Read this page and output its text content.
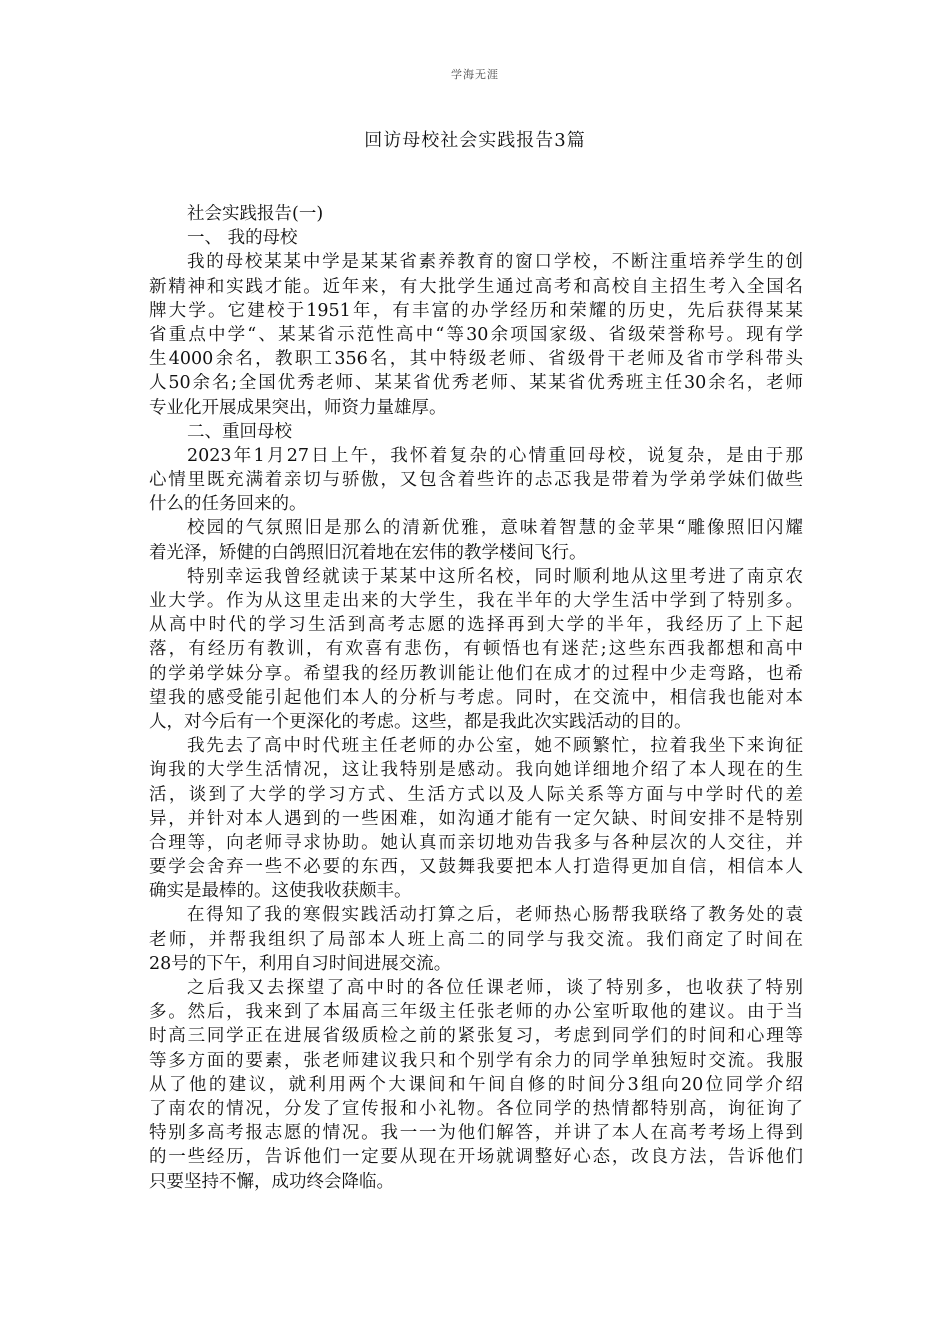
学海无涯
回访母校社会实践报告3篇
社会实践报告(一)
一、 我的母校
我的母校某某中学是某某省素养教育的窗口学校，不断注重培养学生的创
新精神和实践才能。近年来，有大批学生通过高考和高校自主招生考入全国名
牌大学。它建校于1951年，有丰富的办学经历和荣耀的历史，先后获得某某
省重点中学“、某某省示范性高中“等30余项国家级、省级荣誉称号。现有学
生4000余名，教职工356名，其中特级老师、省级骨干老师及省市学科带头
人50余名;全国优秀老师、某某省优秀老师、某某省优秀班主任30余名，老师
专业化开展成果突出，师资力量雄厚。
二、重回母校
2023年1月27日上午，我怀着复杂的心情重回母校，说复杂，是由于那
心情里既充满着亲切与骄傲，又包含着些许的忐忑我是带着为学弟学妹们做些
什么的任务回来的。
校园的气氛照旧是那么的清新优雅，意味着智慧的金苹果“雕像照旧闪耀
着光泽，矫健的白鸽照旧沉着地在宏伟的教学楼间飞行。
特别幸运我曾经就读于某某中这所名校，同时顺利地从这里考进了南京农
业大学。作为从这里走出来的大学生，我在半年的大学生活中学到了特别多。
从高中时代的学习生活到高考志愿的选择再到大学的半年，我经历了上下起
落，有经历有教训，有欢喜有悲伤，有顿悟也有迷茫;这些东西我都想和高中
的学弟学妹分享。希望我的经历教训能让他们在成才的过程中少走弯路，也希
望我的感受能引起他们本人的分析与考虑。同时，在交流中，相信我也能对本
人，对今后有一个更深化的考虑。这些，都是我此次实践活动的目的。
我先去了高中时代班主任老师的办公室，她不顾繁忙，拉着我坐下来询征
询我的大学生活情况，这让我特别是感动。我向她详细地介绍了本人现在的生
活，谈到了大学的学习方式、生活方式以及人际关系等方面与中学时代的差
异，并针对本人遇到的一些困难，如沟通才能有一定欠缺、时间安排不是特别
合理等，向老师寻求协助。她认真而亲切地劝告我多与各种层次的人交往，并
要学会舍弃一些不必要的东西，又鼓舞我要把本人打造得更加自信，相信本人
确实是最棒的。这使我收获颇丰。
在得知了我的寒假实践活动打算之后，老师热心肠帮我联络了教务处的袁
老师，并帮我组织了局部本人班上高二的同学与我交流。我们商定了时间在
28号的下午，利用自习时间进展交流。
之后我又去探望了高中时的各位任课老师，谈了特别多，也收获了特别
多。然后，我来到了本届高三年级主任张老师的办公室听取他的建议。由于当
时高三同学正在进展省级质检之前的紧张复习，考虑到同学们的时间和心理等
等多方面的要素，张老师建议我只和个别学有余力的同学单独短时交流。我服
从了他的建议，就利用两个大课间和午间自修的时间分3组向20位同学介绍
了南农的情况，分发了宣传报和小礼物。各位同学的热情都特别高，询征询了
特别多高考报志愿的情况。我一一为他们解答，并讲了本人在高考考场上得到
的一些经历，告诉他们一定要从现在开场就调整好心态，改良方法，告诉他们
只要坚持不懈，成功终会降临。
